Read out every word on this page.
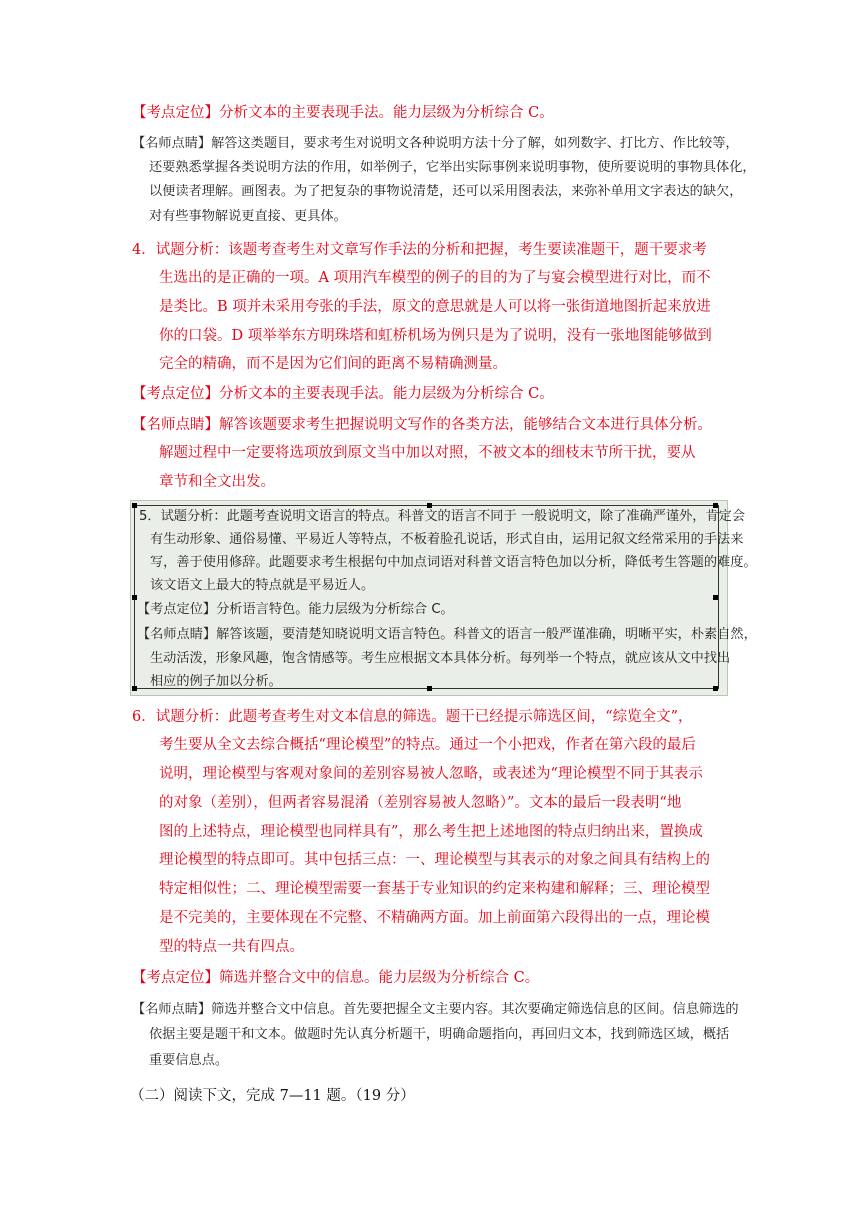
【考点定位】分析文本的主要表现手法。能力层级为分析综合 C。
【名师点睛】解答这类题目，要求考生对说明文各种说明方法十分了解，如列数字、打比方、作比较等，
还要熟悉掌握各类说明方法的作用，如举例子，它举出实际事例来说明事物，使所要说明的事物具体化，
以便读者理解。画图表。为了把复杂的事物说清楚，还可以采用图表法，来弥补单用文字表达的缺欠，
对有些事物解说更直接、更具体。
4．试题分析：该题考查考生对文章写作手法的分析和把握，考生要读准题干，题干要求考
生选出的是正确的一项。A 项用汽车模型的例子的目的为了与宴会模型进行对比，而不
是类比。B 项并未采用夸张的手法，原文的意思就是人可以将一张街道地图折起来放进
你的口袋。D 项举举东方明珠塔和虹桥机场为例只是为了说明，没有一张地图能够做到
完全的精确，而不是因为它们间的距离不易精确测量。
【考点定位】分析文本的主要表现手法。能力层级为分析综合 C。
【名师点睛】解答该题要求考生把握说明文写作的各类方法，能够结合文本进行具体分析。
解题过程中一定要将选项放到原文当中加以对照，不被文本的细枝末节所干扰，要从
章节和全文出发。
5．试题分析：此题考查说明文语言的特点。科普文的语言不同于 一般说明文，除了准确严谨外，肯定会
有生动形象、通俗易懂、平易近人等特点，不板着脸孔说话，形式自由，运用记叙文经常采用的手法来
写，善于使用修辞。此题要求考生根据句中加点词语对科普文语言特色加以分析，降低考生答题的难度。
该文语文上最大的特点就是平易近人。
【考点定位】分析语言特色。能力层级为分析综合 C。
【名师点睛】解答该题，要清楚知晓说明文语言特色。科普文的语言一般严谨准确，明晰平实，朴素自然，
生动活泼，形象风趣，饱含情感等。考生应根据文本具体分析。每列举一个特点，就应该从文中找出
相应的例子加以分析。
6．试题分析：此题考查考生对文本信息的筛选。题干已经提示筛选区间，“综览全文”，
考生要从全文去综合概括“理论模型”的特点。通过一个小把戏，作者在第六段的最后
说明，理论模型与客观对象间的差别容易被人忽略，或表述为“理论模型不同于其表示
的对象（差别），但两者容易混淆（差别容易被人忽略）”。文本的最后一段表明“地
图的上述特点，理论模型也同样具有”，那么考生把上述地图的特点归纳出来，置换成
理论模型的特点即可。其中包括三点：一、理论模型与其表示的对象之间具有结构上的
特定相似性；二、理论模型需要一套基于专业知识的约定来构建和解释；三、理论模型
是不完美的，主要体现在不完整、不精确两方面。加上前面第六段得出的一点，理论模
型的特点一共有四点。
【考点定位】筛选并整合文中的信息。能力层级为分析综合 C。
【名师点睛】筛选并整合文中信息。首先要把握全文主要内容。其次要确定筛选信息的区间。信息筛选的
依据主要是题干和文本。做题时先认真分析题干，明确命题指向，再回归文本，找到筛选区域，概括
重要信息点。
（二）阅读下文，完成 7—11 题。（19 分）
